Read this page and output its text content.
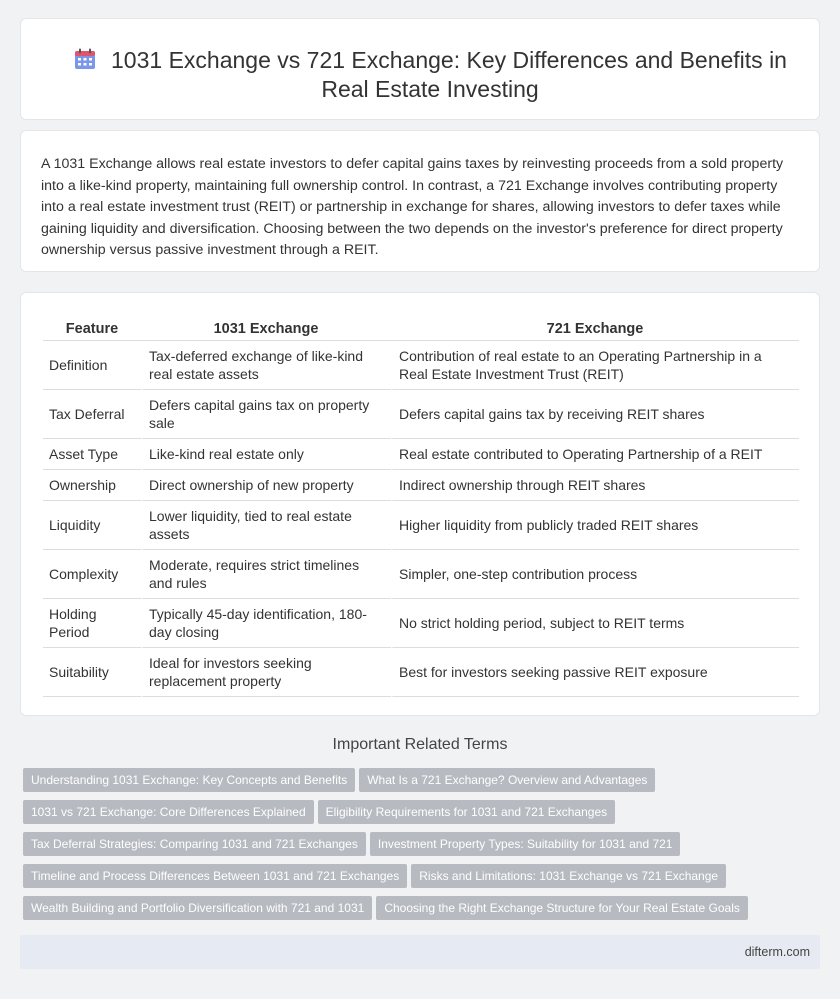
1031 Exchange vs 721 Exchange: Key Differences and Benefits in Real Estate Investing

A 1031 Exchange allows real estate investors to defer capital gains taxes by reinvesting proceeds from a sold property into a like-kind property, maintaining full ownership control. In contrast, a 721 Exchange involves contributing property into a real estate investment trust (REIT) or partnership in exchange for shares, allowing investors to defer taxes while gaining liquidity and diversification. Choosing between the two depends on the investor's preference for direct property ownership versus passive investment through a REIT.

Feature	1031 Exchange	721 Exchange
Definition	Tax-deferred exchange of like-kind real estate assets	Contribution of real estate to an Operating Partnership in a Real Estate Investment Trust (REIT)
Tax Deferral	Defers capital gains tax on property sale	Defers capital gains tax by receiving REIT shares
Asset Type	Like-kind real estate only	Real estate contributed to Operating Partnership of a REIT
Ownership	Direct ownership of new property	Indirect ownership through REIT shares
Liquidity	Lower liquidity, tied to real estate assets	Higher liquidity from publicly traded REIT shares
Complexity	Moderate, requires strict timelines and rules	Simpler, one-step contribution process
Holding Period	Typically 45-day identification, 180-day closing	No strict holding period, subject to REIT terms
Suitability	Ideal for investors seeking replacement property	Best for investors seeking passive REIT exposure
Important Related Terms
Understanding 1031 Exchange: Key Concepts and Benefits What Is a 721 Exchange? Overview and Advantages
1031 vs 721 Exchange: Core Differences Explained Eligibility Requirements for 1031 and 721 Exchanges
Tax Deferral Strategies: Comparing 1031 and 721 Exchanges Investment Property Types: Suitability for 1031 and 721
Timeline and Process Differences Between 1031 and 721 Exchanges Risks and Limitations: 1031 Exchange vs 721 Exchange
Wealth Building and Portfolio Diversification with 721 and 1031 Choosing the Right Exchange Structure for Your Real Estate Goals
difterm.com
